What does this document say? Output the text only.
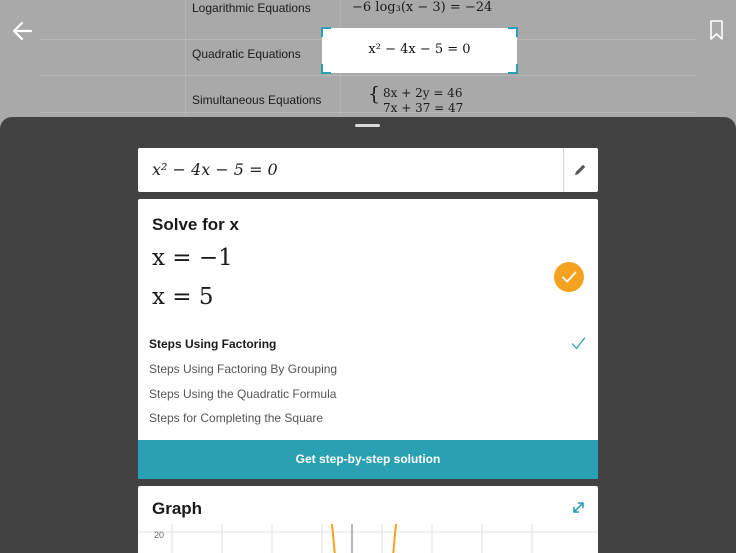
Logarithmic Equations	−6 log₃(x − 3) = −24
Quadratic Equations
Simultaneous Equations { 8x + 2y = 46
7x + 37 = 47
x² − 4x − 5 = 0
x² − 4x − 5 = 0
Solve for x
x = −1
x = 5
Steps Using Factoring
Steps Using Factoring By Grouping
Steps Using the Quadratic Formula
Steps for Completing the Square
Get step-by-step solution
Graph
20
